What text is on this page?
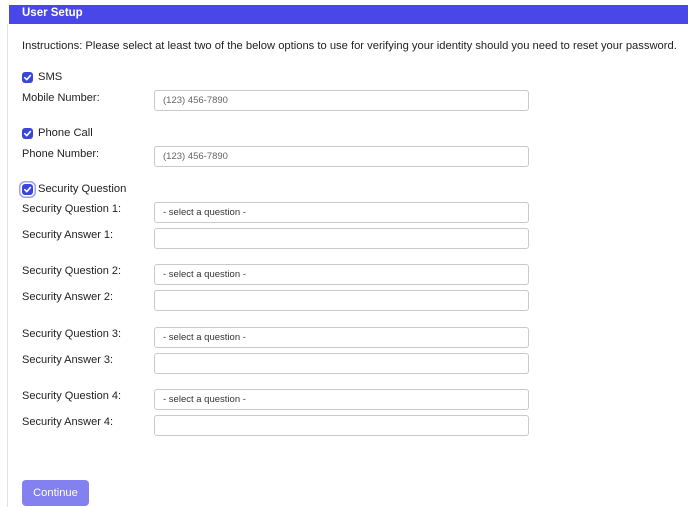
User Setup
Instructions: Please select at least two of the below options to use for verifying your identity should you need to reset your password.
SMS
Mobile Number:
(123) 456-7890
Phone Call
Phone Number:
(123) 456-7890
Security Question
Security Question 1:	- select a question -
Security Answer 1:
Security Question 2:	- select a question -
Security Answer 2:
Security Question 3:	- select a question -
Security Answer 3:
Security Question 4:	- select a question -
Security Answer 4:
Continue
